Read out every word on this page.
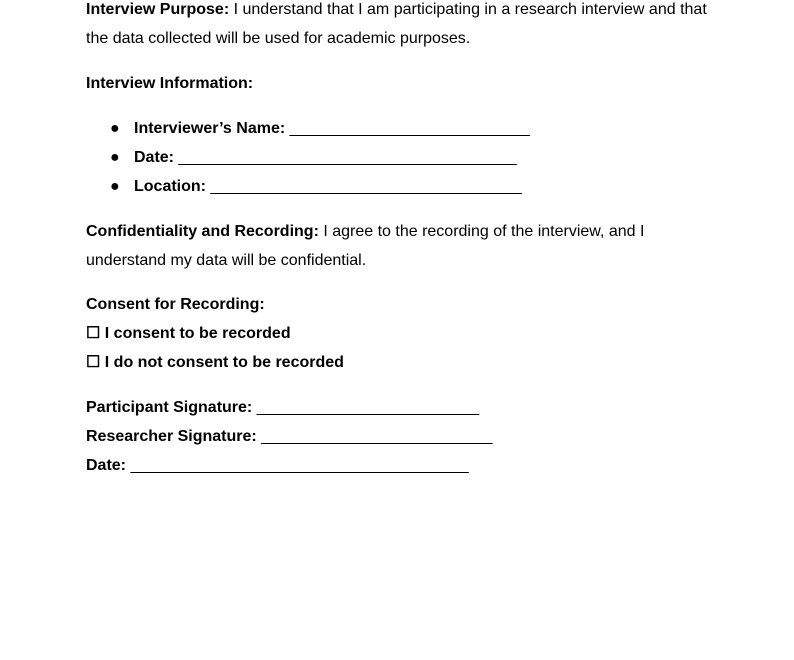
Interview Purpose: I understand that I am participating in a research interview and that the data collected will be used for academic purposes.
Interview Information:
● Interviewer’s Name: ___________________________
● Date: ______________________________________
● Location: ___________________________________
Confidentiality and Recording: I agree to the recording of the interview, and I understand my data will be confidential.
Consent for Recording:
☐ I consent to be recorded
☐ I do not consent to be recorded
Participant Signature: _________________________
Researcher Signature: __________________________
Date: ______________________________________
